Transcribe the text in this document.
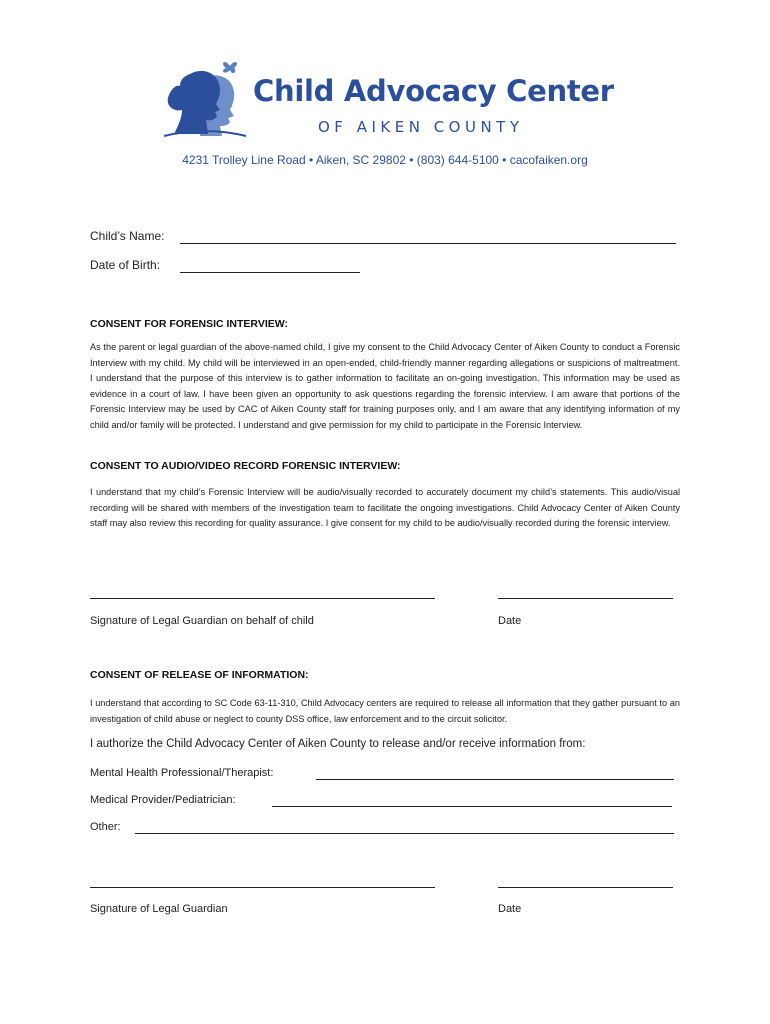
Child Advocacy Center
OF AIKEN COUNTY
4231 Trolley Line Road • Aiken, SC 29802 • (803) 644-5100 • cacofaiken.org
Child’s Name:
Date of Birth:
CONSENT FOR FORENSIC INTERVIEW:
As the parent or legal guardian of the above-named child, I give my consent to the Child Advocacy Center of Aiken County to conduct a Forensic Interview with my child. My child will be interviewed in an open-ended, child-friendly manner regarding allegations or suspicions of maltreatment. I understand that the purpose of this interview is to gather information to facilitate an on-going investigation. This information may be used as evidence in a court of law. I have been given an opportunity to ask questions regarding the forensic interview. I am aware that portions of the Forensic Interview may be used by CAC of Aiken County staff for training purposes only, and I am aware that any identifying information of my child and/or family will be protected. I understand and give permission for my child to participate in the Forensic Interview.
CONSENT TO AUDIO/VIDEO RECORD FORENSIC INTERVIEW:
I understand that my child’s Forensic Interview will be audio/visually recorded to accurately document my child’s statements. This audio/visual recording will be shared with members of the investigation team to facilitate the ongoing investigations. Child Advocacy Center of Aiken County staff may also review this recording for quality assurance. I give consent for my child to be audio/visually recorded during the forensic interview.
Signature of Legal Guardian on behalf of child	Date
CONSENT OF RELEASE OF INFORMATION:
I understand that according to SC Code 63-11-310, Child Advocacy centers are required to release all information that they gather pursuant to an investigation of child abuse or neglect to county DSS office, law enforcement and to the circuit solicitor.
I authorize the Child Advocacy Center of Aiken County to release and/or receive information from:
Mental Health Professional/Therapist:
Medical Provider/Pediatrician:
Other:
Signature of Legal Guardian	Date
